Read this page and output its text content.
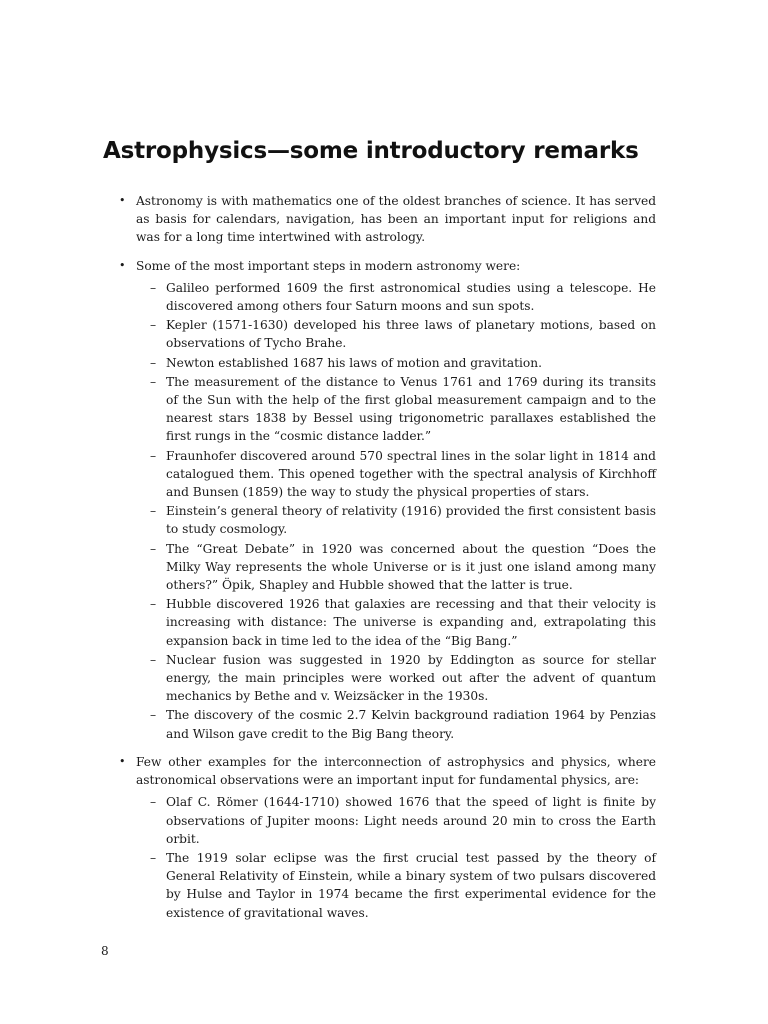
Astrophysics—some introductory remarks
• Astronomy is with mathematics one of the oldest branches of science. It has served as basis for calendars, navigation, has been an important input for religions and was for a long time intertwined with astrology.
• Some of the most important steps in modern astronomy were:
– Galileo performed 1609 the first astronomical studies using a telescope. He discovered among others four Saturn moons and sun spots.
– Kepler (1571-1630) developed his three laws of planetary motions, based on observations of Tycho Brahe.
– Newton established 1687 his laws of motion and gravitation.
– The measurement of the distance to Venus 1761 and 1769 during its transits of the Sun with the help of the first global measurement campaign and to the nearest stars 1838 by Bessel using trigonometric parallaxes established the first rungs in the “cosmic distance ladder.”
– Fraunhofer discovered around 570 spectral lines in the solar light in 1814 and catalogued them. This opened together with the spectral analysis of Kirchhoff and Bunsen (1859) the way to study the physical properties of stars.
– Einstein’s general theory of relativity (1916) provided the first consistent basis to study cosmology.
– The “Great Debate” in 1920 was concerned about the question “Does the Milky Way represents the whole Universe or is it just one island among many others?” Öpik, Shapley and Hubble showed that the latter is true.
– Hubble discovered 1926 that galaxies are recessing and that their velocity is increasing with distance: The universe is expanding and, extrapolating this expansion back in time led to the idea of the “Big Bang.”
– Nuclear fusion was suggested in 1920 by Eddington as source for stellar energy, the main principles were worked out after the advent of quantum mechanics by Bethe and v. Weizsäcker in the 1930s.
– The discovery of the cosmic 2.7 Kelvin background radiation 1964 by Penzias and Wilson gave credit to the Big Bang theory.
• Few other examples for the interconnection of astrophysics and physics, where astronomical observations were an important input for fundamental physics, are:
– Olaf C. Römer (1644-1710) showed 1676 that the speed of light is finite by observations of Jupiter moons: Light needs around 20 min to cross the Earth orbit.
– The 1919 solar eclipse was the first crucial test passed by the theory of General Relativity of Einstein, while a binary system of two pulsars discovered by Hulse and Taylor in 1974 became the first experimental evidence for the existence of gravitational waves.
8
